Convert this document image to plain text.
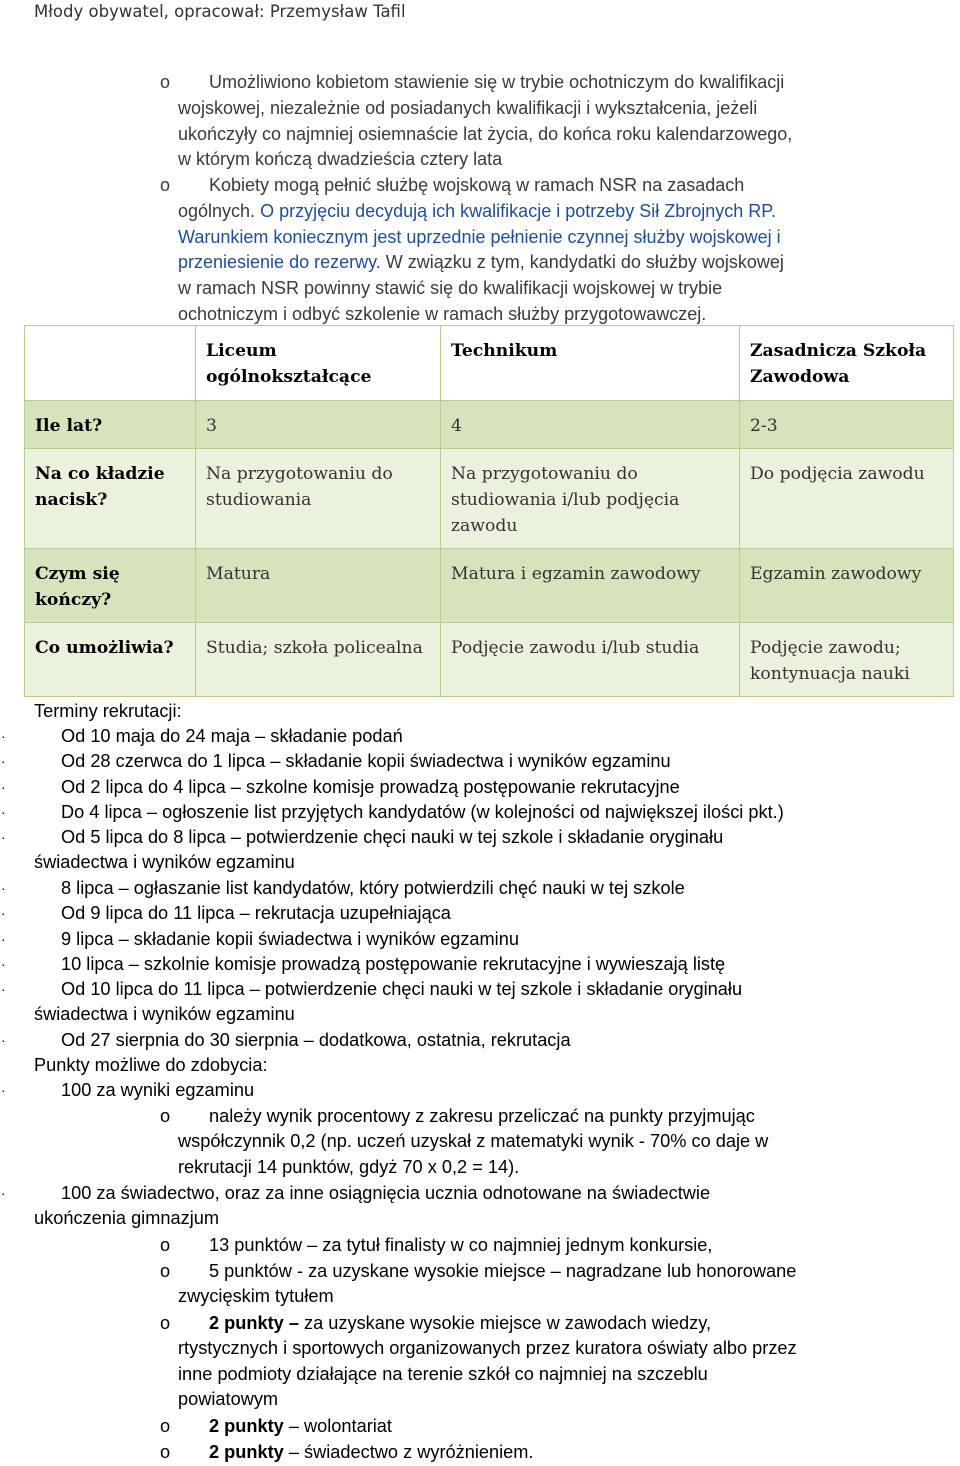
Młody obywatel, opracował: Przemysław Tafil
o	Umożliwiono kobietom stawienie się w trybie ochotniczym do kwalifikacji
wojskowej, niezależnie od posiadanych kwalifikacji i wykształcenia, jeżeli
ukończyły co najmniej osiemnaście lat życia, do końca roku kalendarzowego,
w którym kończą dwadzieścia cztery lata
o	Kobiety mogą pełnić służbę wojskową w ramach NSR na zasadach
ogólnych. O przyjęciu decydują ich kwalifikacje i potrzeby Sił Zbrojnych RP.
Warunkiem koniecznym jest uprzednie pełnienie czynnej służby wojskowej i
przeniesienie do rezerwy. W związku z tym, kandydatki do służby wojskowej
w ramach NSR powinny stawić się do kwalifikacji wojskowej w trybie
ochotniczym i odbyć szkolenie w ramach służby przygotowawczej.
	Liceum ogólnokształcące	Technikum	Zasadnicza Szkoła Zawodowa
Ile lat?	3	4	2-3
Na co kładzie nacisk?	Na przygotowaniu do studiowania	Na przygotowaniu do studiowania i/lub podjęcia zawodu	Do podjęcia zawodu
Czym się kończy?	Matura	Matura i egzamin zawodowy	Egzamin zawodowy
Co umożliwia?	Studia; szkoła policealna	Podjęcie zawodu i/lub studia	Podjęcie zawodu; kontynuacja nauki
Terminy rekrutacji:
·	Od 10 maja do 24 maja – składanie podań
·	Od 28 czerwca do 1 lipca – składanie kopii świadectwa i wyników egzaminu
·	Od 2 lipca do 4 lipca – szkolne komisje prowadzą postępowanie rekrutacyjne
·	Do 4 lipca – ogłoszenie list przyjętych kandydatów (w kolejności od największej ilości pkt.)
·	Od 5 lipca do 8 lipca – potwierdzenie chęci nauki w tej szkole i składanie oryginału
świadectwa i wyników egzaminu
·	8 lipca – ogłaszanie list kandydatów, który potwierdzili chęć nauki w tej szkole
·	Od 9 lipca do 11 lipca – rekrutacja uzupełniająca
·	9 lipca – składanie kopii świadectwa i wyników egzaminu
·	10 lipca – szkolnie komisje prowadzą postępowanie rekrutacyjne i wywieszają listę
·	Od 10 lipca do 11 lipca – potwierdzenie chęci nauki w tej szkole i składanie oryginału
świadectwa i wyników egzaminu
·	Od 27 sierpnia do 30 sierpnia – dodatkowa, ostatnia, rekrutacja
Punkty możliwe do zdobycia:
·	100 za wyniki egzaminu
o	należy wynik procentowy z zakresu przeliczać na punkty przyjmując
współczynnik 0,2 (np. uczeń uzyskał z matematyki wynik - 70% co daje w
rekrutacji 14 punktów, gdyż 70 x 0,2 = 14).
·	100 za świadectwo, oraz za inne osiągnięcia ucznia odnotowane na świadectwie
ukończenia gimnazjum
o	13 punktów – za tytuł finalisty w co najmniej jednym konkursie,
o	5 punktów - za uzyskane wysokie miejsce – nagradzane lub honorowane
zwycięskim tytułem
o	2 punkty – za uzyskane wysokie miejsce w zawodach wiedzy,
rtystycznych i sportowych organizowanych przez kuratora oświaty albo przez
inne podmioty działające na terenie szkół co najmniej na szczeblu
powiatowym
o	2 punkty – wolontariat
o	2 punkty – świadectwo z wyróżnieniem.
